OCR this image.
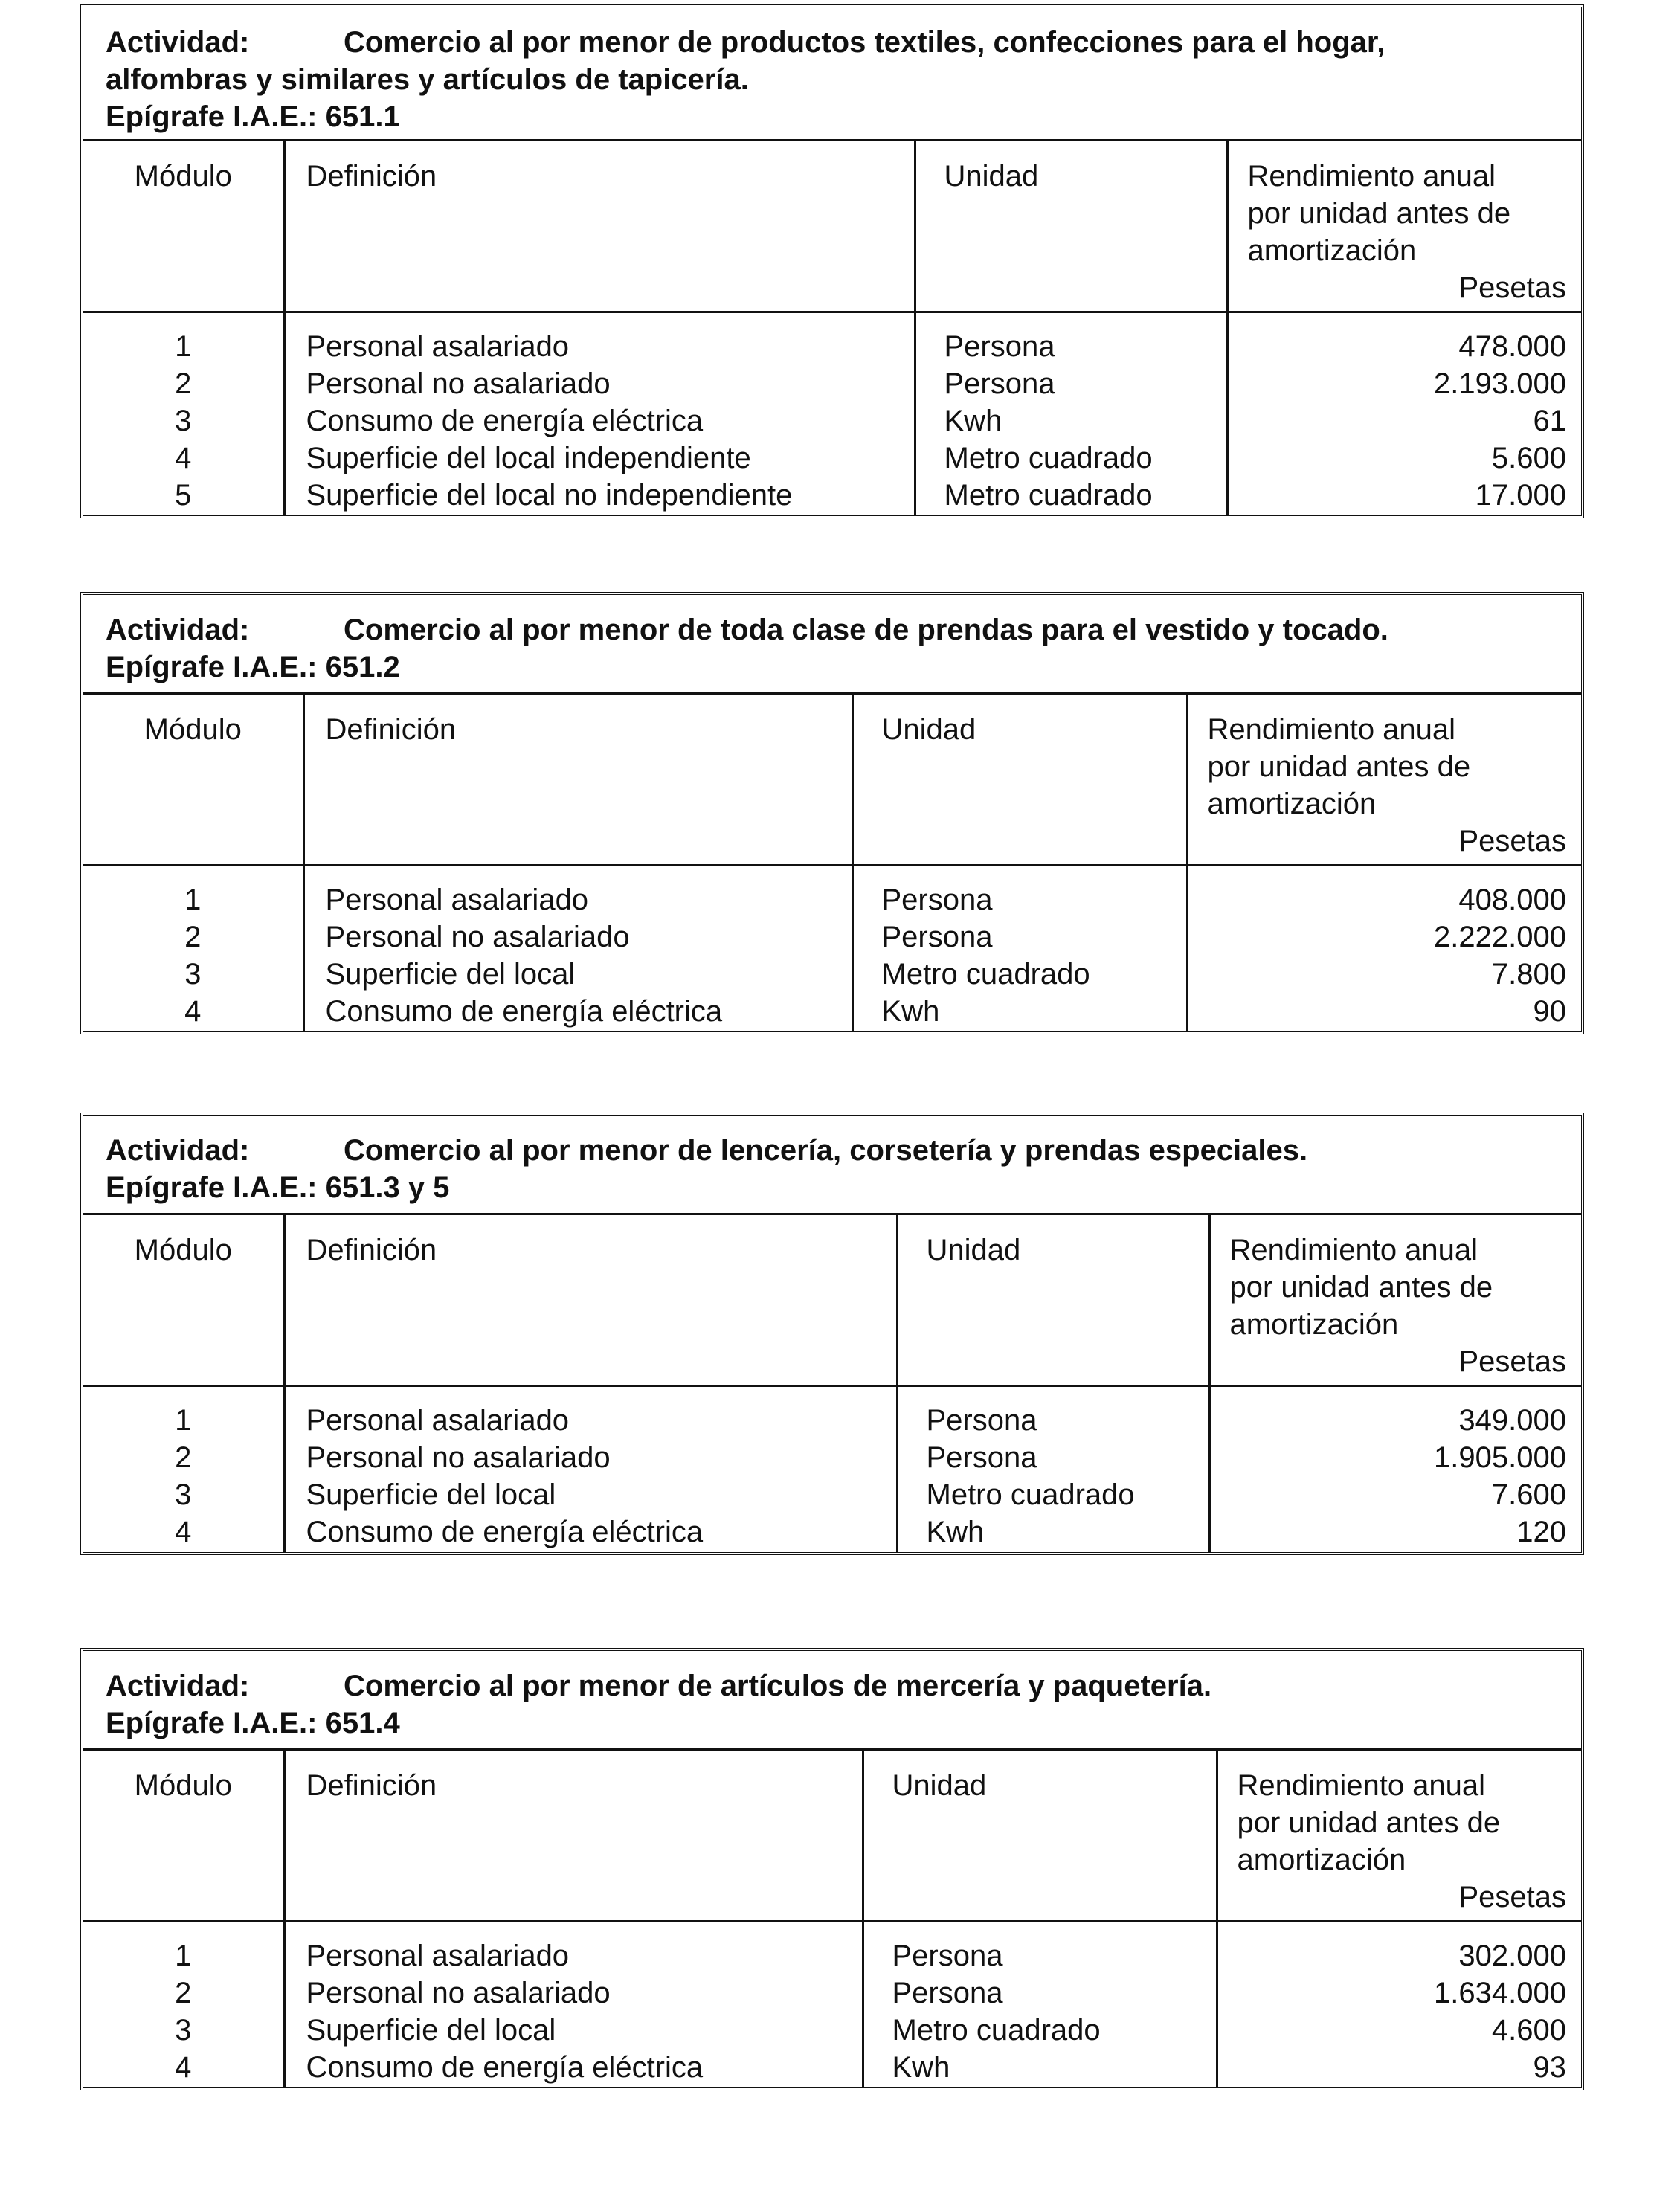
Actividad:	Comercio al por menor de productos textiles, confecciones para el hogar,
alfombras y similares y artículos de tapicería.
Epígrafe I.A.E.: 651.1
Módulo	Definición	Unidad	Rendimiento anual
por unidad antes de
amortización
Pesetas

1	Personal asalariado	Persona	478.000
2	Personal no asalariado	Persona	2.193.000
3	Consumo de energía eléctrica	Kwh	61
4	Superficie del local independiente	Metro cuadrado	5.600
5	Superficie del local no independiente	Metro cuadrado	17.000
Actividad:	Comercio al por menor de toda clase de prendas para el vestido y tocado.
Epígrafe I.A.E.: 651.2
Módulo	Definición	Unidad	Rendimiento anual
por unidad antes de
amortización
Pesetas

1	Personal asalariado	Persona	408.000
2	Personal no asalariado	Persona	2.222.000
3	Superficie del local	Metro cuadrado	7.800
4	Consumo de energía eléctrica	Kwh	90
Actividad:	Comercio al por menor de lencería, corsetería y prendas especiales.
Epígrafe I.A.E.: 651.3 y 5
Módulo	Definición	Unidad	Rendimiento anual
por unidad antes de
amortización
Pesetas

1	Personal asalariado	Persona	349.000
2	Personal no asalariado	Persona	1.905.000
3	Superficie del local	Metro cuadrado	7.600
4	Consumo de energía eléctrica	Kwh	120
Actividad:	Comercio al por menor de artículos de mercería y paquetería.
Epígrafe I.A.E.: 651.4
Módulo	Definición	Unidad	Rendimiento anual
por unidad antes de
amortización
Pesetas

1	Personal asalariado	Persona	302.000
2	Personal no asalariado	Persona	1.634.000
3	Superficie del local	Metro cuadrado	4.600
4	Consumo de energía eléctrica	Kwh	93
